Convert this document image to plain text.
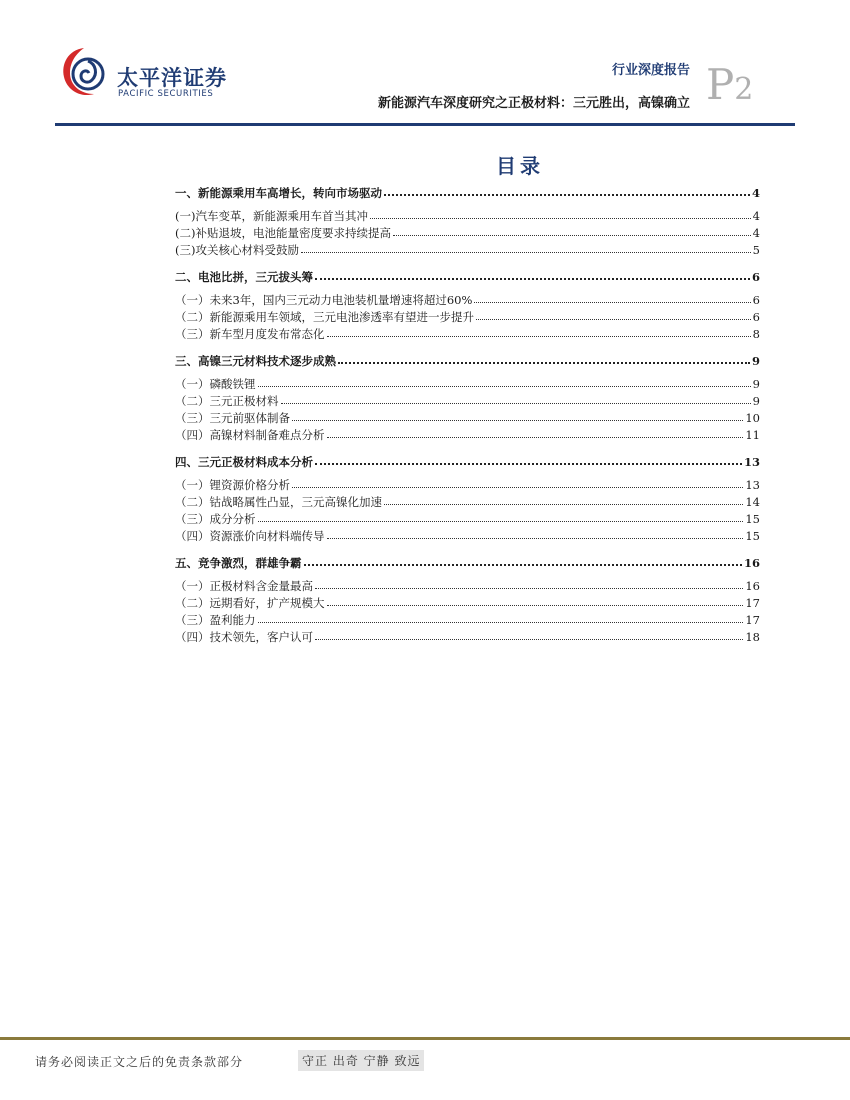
太平洋证券
PACIFIC SECURITIES
行业深度报告
新能源汽车深度研究之正极材料：三元胜出，高镍确立 P2
目录
一、新能源乘用车高增长，转向市场驱动	4
(一)汽车变革，新能源乘用车首当其冲	4
(二)补贴退坡，电池能量密度要求持续提高	4
(三)攻关核心材料受鼓励	5
二、电池比拼，三元拔头筹	6
（一）未来3年，国内三元动力电池装机量增速将超过60%	6
（二）新能源乘用车领域，三元电池渗透率有望进一步提升	6
（三）新车型月度发布常态化	8
三、高镍三元材料技术逐步成熟	9
（一）磷酸铁锂	9
（二）三元正极材料	9
（三）三元前驱体制备	10
（四）高镍材料制备难点分析	11
四、三元正极材料成本分析	13
（一）锂资源价格分析	13
（二）钴战略属性凸显，三元高镍化加速	14
（三）成分分析	15
（四）资源涨价向材料端传导	15
五、竞争激烈，群雄争霸	16
（一）正极材料含金量最高	16
（二）远期看好，扩产规模大	17
（三）盈利能力	17
（四）技术领先，客户认可	18
请务必阅读正文之后的免责条款部分	守正 出奇 宁静 致远
